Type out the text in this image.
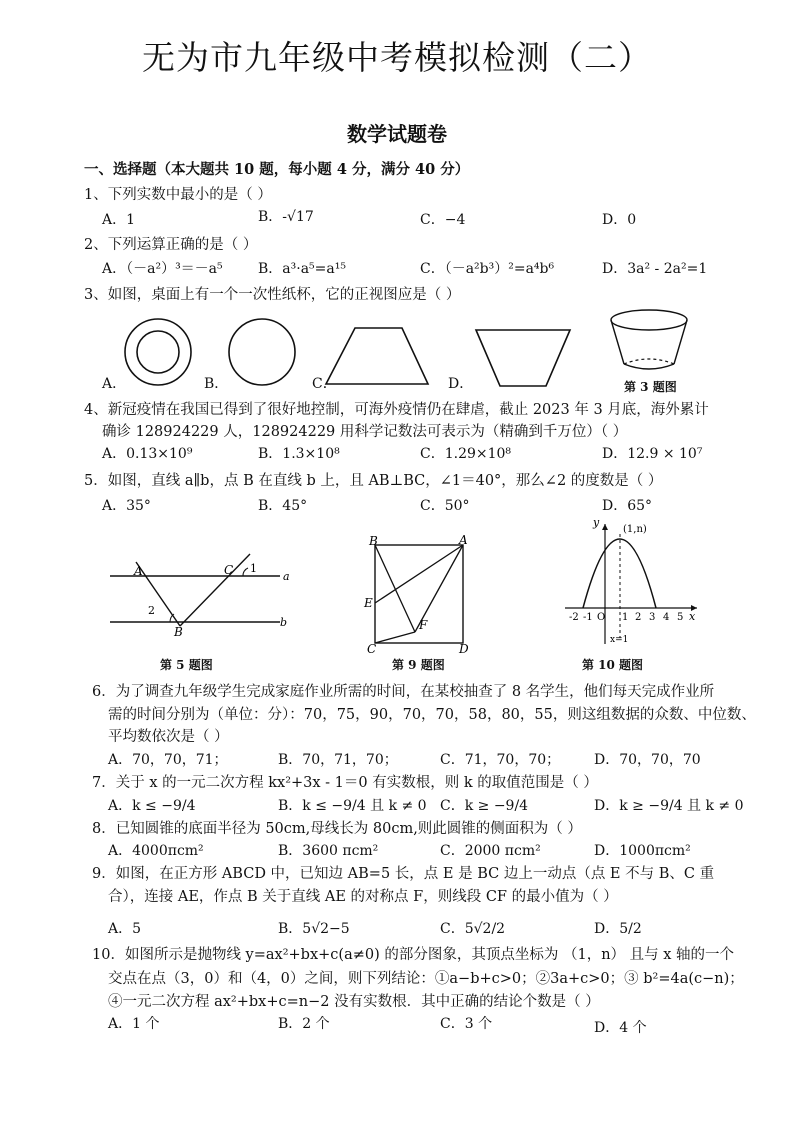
无为市九年级中考模拟检测（二）
数学试题卷
一、选择题（本大题共 10 题，每小题 4 分，满分 40 分）
1、下列实数中最小的是（ ）
A．1	B．-√17	C．−4	D．0
2、下列运算正确的是（ ）
A．（－a²）³＝－a⁵	B．a³·a⁵=a¹⁵	C．（－a²b³）²=a⁴b⁶	D．3a² - 2a²=1
3、如图，桌面上有一个一次性纸杯，它的正视图应是（ ）
A．	B．	C．	D．	第 3 题图
4、新冠疫情在我国已得到了很好地控制，可海外疫情仍在肆虐，截止 2023 年 3 月底，海外累计
确诊 128924229 人，128924229 用科学记数法可表示为（精确到千万位）（ ）
A．0.13×10⁹	B．1.3×10⁸	C．1.29×10⁸	D．12.9 × 10⁷
5．如图，直线 a∥b，点 B 在直线 b 上，且 AB⊥BC，∠1＝40°，那么∠2 的度数是（ ）
A．35°	B．45°	C．50°	D．65°
A
B
C	a
b
1
2
第 5 题图
B	A
C	D
E
F
第 9 题图
y
x
(1,n)
x=1
-2 -1 O 1 2 3 4 5
第 10 题图
6．为了调查九年级学生完成家庭作业所需的时间，在某校抽查了 8 名学生，他们每天完成作业所
需的时间分别为（单位：分）：70，75，90，70，70，58，80，55，则这组数据的众数、中位数、
平均数依次是（ ）
A．70，70，71；	B．70，71，70；	C．71，70，70； D．70，70，70
7．关于 x 的一元二次方程 kx²+3x - 1＝0 有实数根，则 k 的取值范围是（ ）
A．k ≤ −9/4	B．k ≤ −9/4 且 k ≠ 0 C．k ≥ −9/4	D．k ≥ −9/4 且 k ≠ 0
8．已知圆锥的底面半径为 50cm,母线长为 80cm,则此圆锥的侧面积为（ ）
A．4000πcm²	B．3600 πcm²	C．2000 πcm²	D．1000πcm²
9．如图，在正方形 ABCD 中，已知边 AB=5 长，点 E 是 BC 边上一动点（点 E 不与 B、C 重
合），连接 AE，作点 B 关于直线 AE 的对称点 F，则线段 CF 的最小值为（ ）
A．5	B．5√2−5	C．5√2/2	D．5/2
10．如图所示是抛物线 y=ax²+bx+c(a≠0) 的部分图象，其顶点坐标为 （1，n） 且与 x 轴的一个
交点在点（3，0）和（4，0）之间，则下列结论：①a−b+c>0；②3a+c>0；③ b²=4a(c−n)；
④一元二次方程 ax²+bx+c=n−2 没有实数根．其中正确的结论个数是（ ）
A．1 个	B．2 个	C．3 个	D．4 个
